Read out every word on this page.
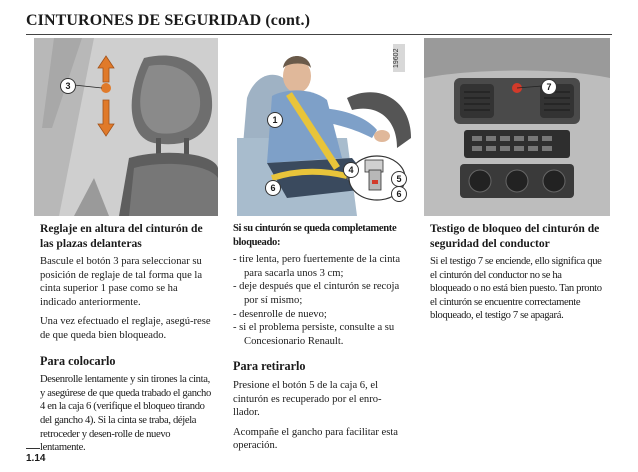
CINTURONES DE SEGURIDAD (cont.)
3
Reglaje en altura del cinturón de las plazas delanteras

Bascule el botón 3 para seleccionar su posición de reglaje de tal forma que la cinta superior 1 pase como se ha indicado anteriormente.

Una vez efectuado el reglaje, asegú-rese de que queda bien bloqueado.

Para colocarlo

Desenrolle lentamente y sin tirones la cinta, y asegúrese de que queda trabado el gancho 4 en la caja 6 (verifique el bloqueo tirando del gancho 4). Si la cinta se traba, déjela retroceder y desen-rolle de nuevo lentamente.

19602
1
4
5
6
6
Si su cinturón se queda completamente bloqueado:

- tire lenta, pero fuertemente de la cinta para sacarla unos 3 cm;

- deje después que el cinturón se recoja por sí mismo;

- desenrolle de nuevo;

- si el problema persiste, consulte a su Concesionario Renault.

Para retirarlo

Presione el botón 5 de la caja 6, el cinturón es recuperado por el enro-llador.

Acompañe el gancho para facilitar esta operación.

7
Testigo de bloqueo del cinturón de seguridad del conductor

Si el testigo 7 se enciende, ello significa que el cinturón del conductor no se ha bloqueado o no está bien puesto. Tan pronto el cinturón se encuentre correctamente bloqueado, el testigo 7 se apagará.

1.14
